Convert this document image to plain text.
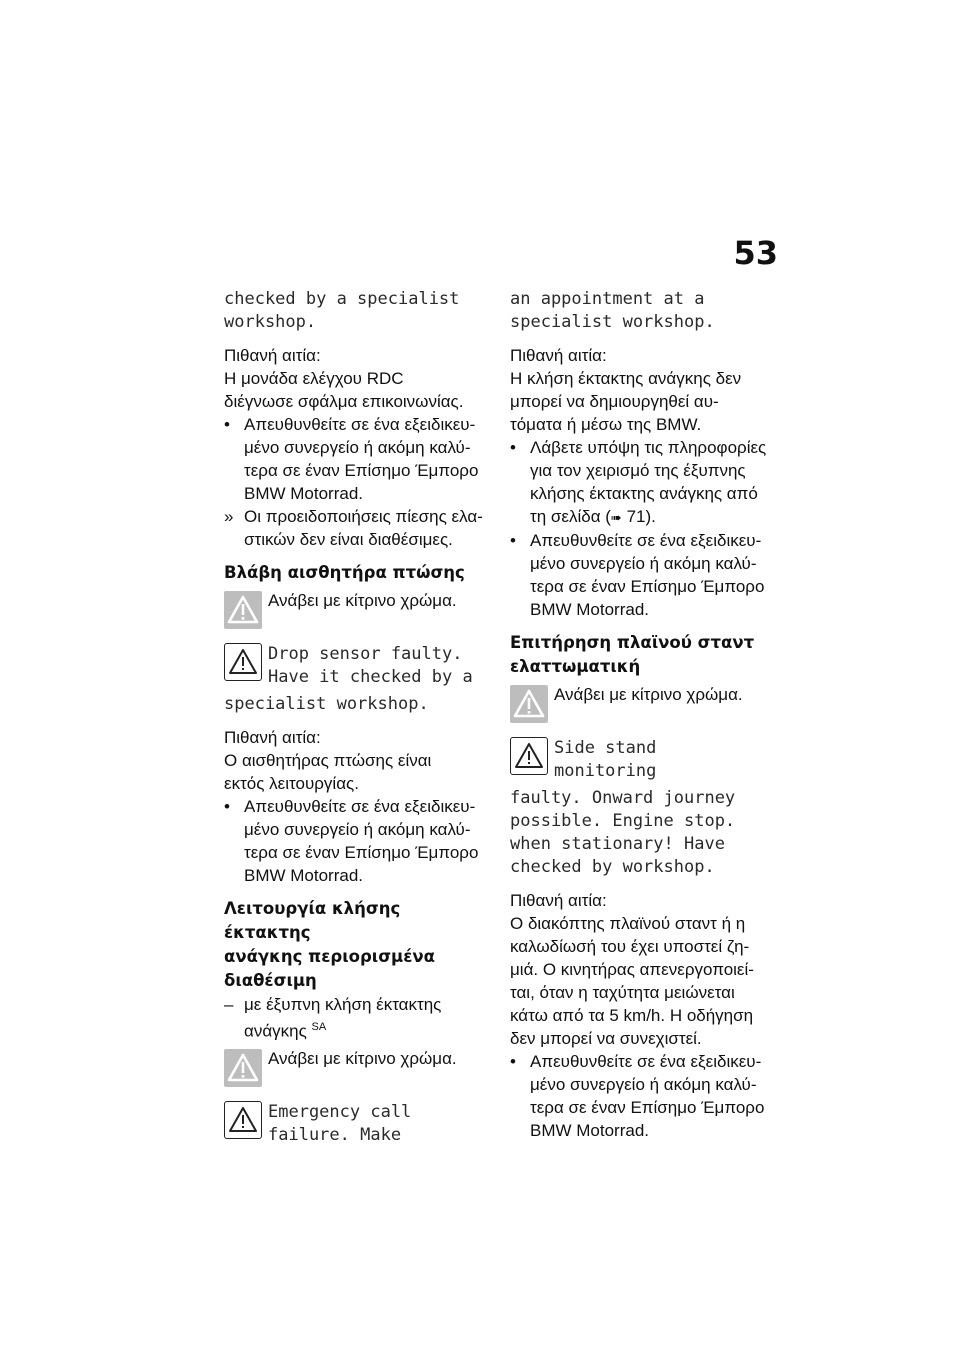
53

checked by a specialist
workshop.

Πιθανή αιτία:

Η μονάδα ελέγχου RDC
διέγνωσε σφάλμα επικοινωνίας.

• Απευθυνθείτε σε ένα εξειδικευ-
μένο συνεργείο ή ακόμη καλύ-
τερα σε έναν Επίσημο Έμπορο
BMW Motorrad.

» Οι προειδοποιήσεις πίεσης ελα-
στικών δεν είναι διαθέσιμες.

Βλάβη αισθητήρα πτώσης

Ανάβει με κίτρινο χρώμα.

Drop sensor faulty.
Have it checked by a

specialist workshop.

Πιθανή αιτία:

Ο αισθητήρας πτώσης είναι
εκτός λειτουργίας.

• Απευθυνθείτε σε ένα εξειδικευ-
μένο συνεργείο ή ακόμη καλύ-
τερα σε έναν Επίσημο Έμπορο
BMW Motorrad.

Λειτουργία κλήσης έκτακτης
ανάγκης περιορισμένα
διαθέσιμη

– με έξυπνη κλήση έκτακτης
ανάγκης $^{SA}$

Ανάβει με κίτρινο χρώμα.

Emergency call
failure. Make

an appointment at a
specialist workshop.

Πιθανή αιτία:

Η κλήση έκτακτης ανάγκης δεν
μπορεί να δημιουργηθεί αυ-
τόματα ή μέσω της BMW.

• Λάβετε υπόψη τις πληροφορίες
για τον χειρισμό της έξυπνης
κλήσης έκτακτης ανάγκης από
τη σελίδα (➠ 71).

• Απευθυνθείτε σε ένα εξειδικευ-
μένο συνεργείο ή ακόμη καλύ-
τερα σε έναν Επίσημο Έμπορο
BMW Motorrad.

Επιτήρηση πλαϊνού σταντ
ελαττωματική

Ανάβει με κίτρινο χρώμα.

Side stand
monitoring

faulty. Onward journey
possible. Engine stop.
when stationary! Have
checked by workshop.

Πιθανή αιτία:

Ο διακόπτης πλαϊνού σταντ ή η
καλωδίωσή του έχει υποστεί ζη-
μιά. Ο κινητήρας απενεργοποιεί-
ται, όταν η ταχύτητα μειώνεται
κάτω από τα 5 km/h. Η οδήγηση
δεν μπορεί να συνεχιστεί.

• Απευθυνθείτε σε ένα εξειδικευ-
μένο συνεργείο ή ακόμη καλύ-
τερα σε έναν Επίσημο Έμπορο
BMW Motorrad.
